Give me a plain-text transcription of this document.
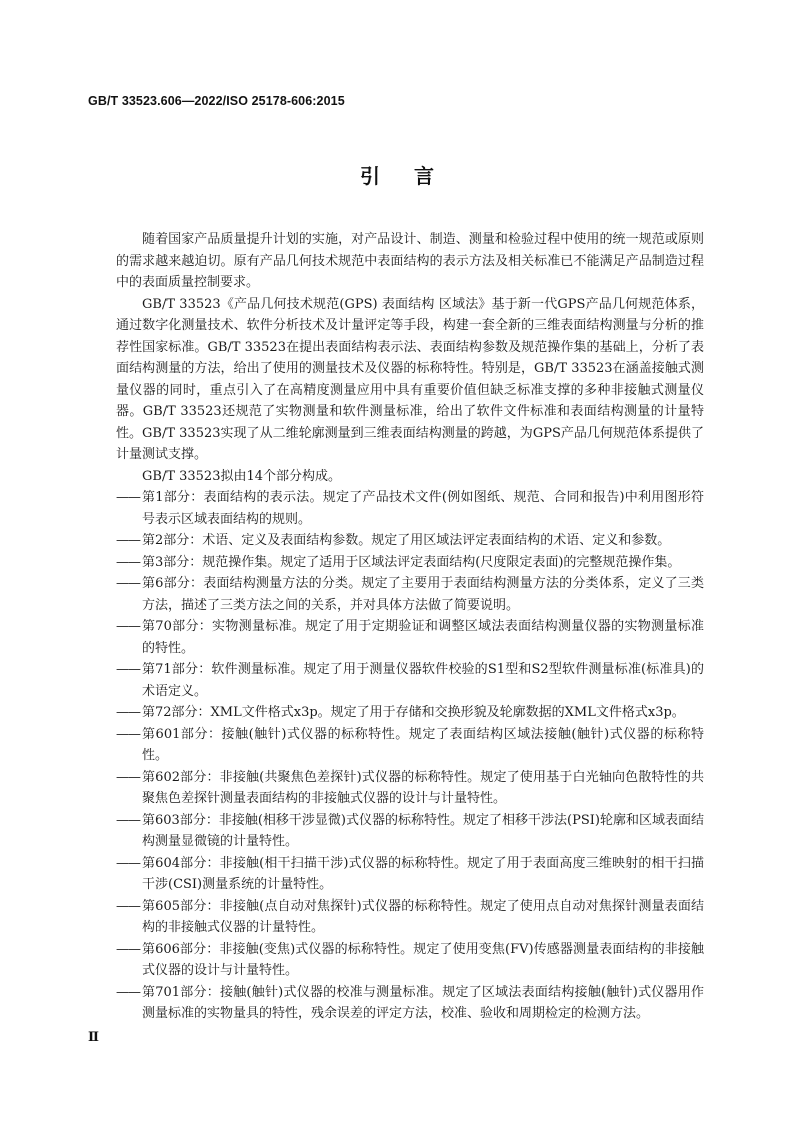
GB/T 33523.606—2022/ISO 25178-606:2015
引言

随着国家产品质量提升计划的实施，对产品设计、制造、测量和检验过程中使用的统一规范或原则的需求越来越迫切。原有产品几何技术规范中表面结构的表示方法及相关标准已不能满足产品制造过程中的表面质量控制要求。

GB/T 33523《产品几何技术规范(GPS) 表面结构 区域法》基于新一代GPS产品几何规范体系，通过数字化测量技术、软件分析技术及计量评定等手段，构建一套全新的三维表面结构测量与分析的推荐性国家标准。GB/T 33523在提出表面结构表示法、表面结构参数及规范操作集的基础上，分析了表面结构测量的方法，给出了使用的测量技术及仪器的标称特性。特别是，GB/T 33523在涵盖接触式测量仪器的同时，重点引入了在高精度测量应用中具有重要价值但缺乏标准支撑的多种非接触式测量仪器。GB/T 33523还规范了实物测量和软件测量标准，给出了软件文件标准和表面结构测量的计量特性。GB/T 33523实现了从二维轮廓测量到三维表面结构测量的跨越，为GPS产品几何规范体系提供了计量测试支撑。

GB/T 33523拟由14个部分构成。

—— 第1部分：表面结构的表示法。规定了产品技术文件(例如图纸、规范、合同和报告)中利用图形符号表示区域表面结构的规则。
—— 第2部分：术语、定义及表面结构参数。规定了用区域法评定表面结构的术语、定义和参数。
—— 第3部分：规范操作集。规定了适用于区域法评定表面结构(尺度限定表面)的完整规范操作集。
—— 第6部分：表面结构测量方法的分类。规定了主要用于表面结构测量方法的分类体系，定义了三类方法，描述了三类方法之间的关系，并对具体方法做了简要说明。
—— 第70部分：实物测量标准。规定了用于定期验证和调整区域法表面结构测量仪器的实物测量标准的特性。
—— 第71部分：软件测量标准。规定了用于测量仪器软件校验的S1型和S2型软件测量标准(标准具)的术语定义。
—— 第72部分：XML文件格式x3p。规定了用于存储和交换形貌及轮廓数据的XML文件格式x3p。
—— 第601部分：接触(触针)式仪器的标称特性。规定了表面结构区域法接触(触针)式仪器的标称特性。
—— 第602部分：非接触(共聚焦色差探针)式仪器的标称特性。规定了使用基于白光轴向色散特性的共聚焦色差探针测量表面结构的非接触式仪器的设计与计量特性。
—— 第603部分：非接触(相移干涉显微)式仪器的标称特性。规定了相移干涉法(PSI)轮廓和区域表面结构测量显微镜的计量特性。
—— 第604部分：非接触(相干扫描干涉)式仪器的标称特性。规定了用于表面高度三维映射的相干扫描干涉(CSI)测量系统的计量特性。
—— 第605部分：非接触(点自动对焦探针)式仪器的标称特性。规定了使用点自动对焦探针测量表面结构的非接触式仪器的计量特性。
—— 第606部分：非接触(变焦)式仪器的标称特性。规定了使用变焦(FV)传感器测量表面结构的非接触式仪器的设计与计量特性。
—— 第701部分：接触(触针)式仪器的校准与测量标准。规定了区域法表面结构接触(触针)式仪器用作测量标准的实物量具的特性，残余误差的评定方法，校准、验收和周期检定的检测方法。
Ⅱ
